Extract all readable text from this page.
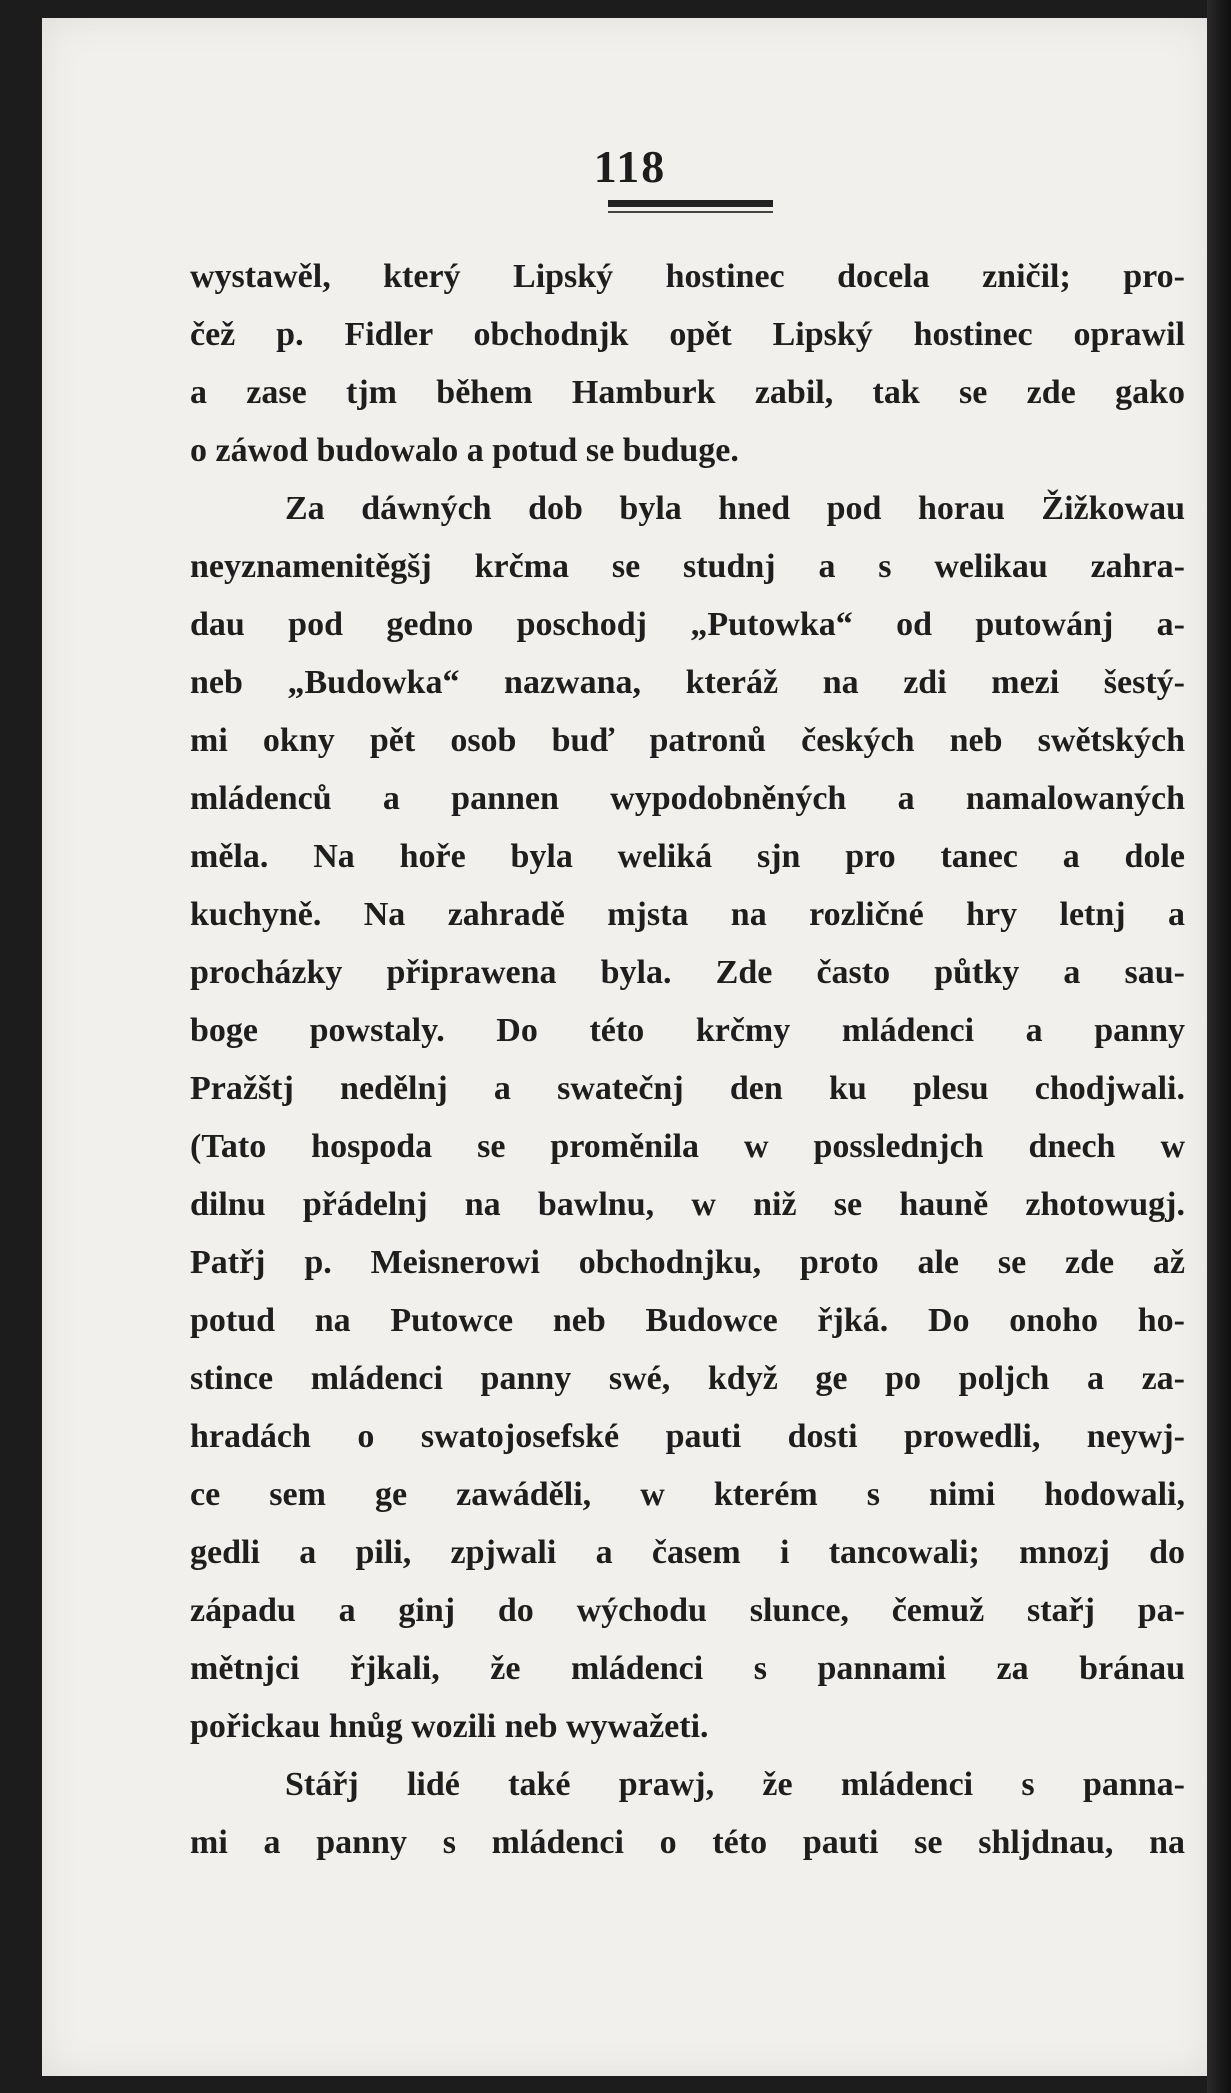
118
wystawěl, který Lipský hostinec docela zničil; pro-
čež p. Fidler obchodnjk opět Lipský hostinec oprawil
a zase tjm během Hamburk zabil, tak se zde gako
o záwod budowalo a potud se buduge.
Za dáwných dob byla hned pod horau Žižkowau
neyznamenitěgšj krčma se studnj a s welikau zahra-
dau pod gedno poschodj „Putowka“ od putowánj a-
neb „Budowka“ nazwana, kteráž na zdi mezi šestý-
mi okny pět osob buď patronů českých neb swětských
mládenců a pannen wypodobněných a namalowaných
měla. Na hoře byla weliká sjn pro tanec a dole
kuchyně. Na zahradě mjsta na rozličné hry letnj a
procházky připrawena byla. Zde často půtky a sau-
boge powstaly. Do této krčmy mládenci a panny
Pražštj nedělnj a swatečnj den ku plesu chodjwali.
(Tato hospoda se proměnila w posslednjch dnech w
dilnu přádelnj na bawlnu, w niž se hauně zhotowugj.
Patřj p. Meisnerowi obchodnjku, proto ale se zde až
potud na Putowce neb Budowce řjká. Do onoho ho-
stince mládenci panny swé, když ge po poljch a za-
hradách o swatojosefské pauti dosti prowedli, neywj-
ce sem ge zawáděli, w kterém s nimi hodowali,
gedli a pili, zpjwali a časem i tancowali; mnozj do
západu a ginj do wýchodu slunce, čemuž stařj pa-
mětnjci řjkali, že mládenci s pannami za bránau
pořickau hnůg wozili neb wywažeti.
Stářj lidé také prawj, že mládenci s panna-
mi a panny s mládenci o této pauti se shljdnau, na
